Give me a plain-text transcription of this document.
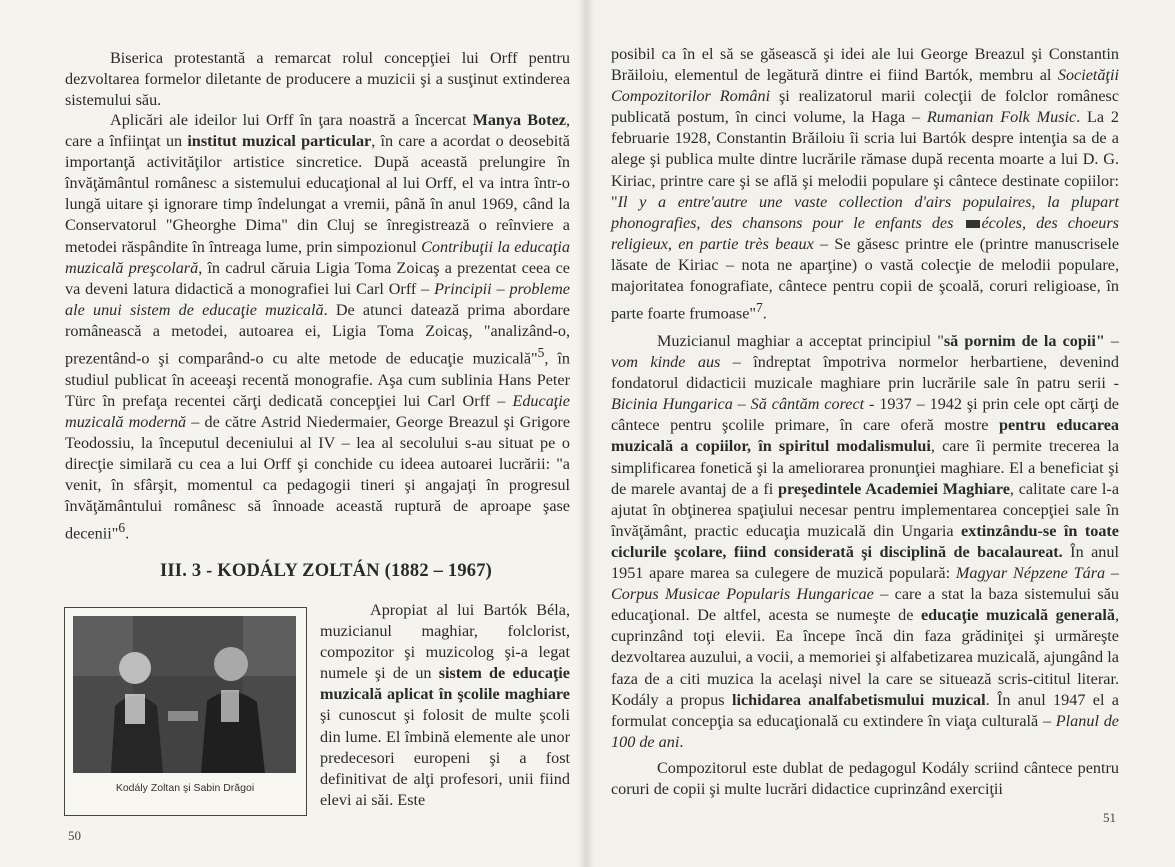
Biserica protestantă a remarcat rolul concepţiei lui Orff pentru dezvoltarea formelor diletante de producere a muzicii şi a susţinut extinderea sistemului său.

Aplicări ale ideilor lui Orff în ţara noastră a încercat Manya Botez, care a înfiinţat un institut muzical particular, în care a acordat o deosebită importanţă activităţilor artistice sincretice. După această prelungire în învăţământul românesc a sistemului educaţional al lui Orff, el va intra într-o lungă uitare şi ignorare timp îndelungat a vremii, până în anul 1969, când la Conservatorul "Gheorghe Dima" din Cluj se înregistrează o reînviere a metodei răspândite în întreaga lume, prin simpozionul Contribuţii la educaţia muzicală preşcolară, în cadrul căruia Ligia Toma Zoicaş a prezentat ceea ce va deveni latura didactică a monografiei lui Carl Orff – Principii – probleme ale unui sistem de educaţie muzicală. De atunci datează prima abordare românească a metodei, autoarea ei, Ligia Toma Zoicaş, "analizând-o, prezentând-o şi comparând-o cu alte metode de educaţie muzicală"$^5$, în studiul publicat în aceeaşi recentă monografie. Aşa cum sublinia Hans Peter Türc în prefaţa recentei cărţi dedicată concepţiei lui Carl Orff – Educaţie muzicală modernă – de către Astrid Niedermaier, George Breazul şi Grigore Teodossiu, la începutul deceniului al IV – lea al secolului s-au situat pe o direcţie similară cu cea a lui Orff şi conchide cu ideea autoarei lucrării: "a venit, în sfârşit, momentul ca pedagogii tineri şi angajaţi în progresul învăţământului românesc să înnoade această ruptură de aproape şase decenii"$^6$.

III. 3 - KODÁLY ZOLTÁN (1882 – 1967)
Kodály Zoltan şi Sabin Drăgoi

Apropiat al lui Bartók Béla, muzicianul maghiar, folclorist, compozitor şi muzicolog şi-a legat numele şi de un sistem de educaţie muzicală aplicat în şcolile maghiare şi cunoscut şi folosit de multe şcoli din lume. El îmbină elemente ale unor predecesori europeni şi a fost definitivat de alţi profesori, unii fiind elevi ai săi. Este

50

posibil ca în el să se găsească şi idei ale lui George Breazul şi Constantin Brăiloiu, elementul de legătură dintre ei fiind Bartók, membru al Societăţii Compozitorilor Români şi realizatorul marii colecţii de folclor românesc publicată postum, în cinci volume, la Haga – Rumanian Folk Music. La 2 februarie 1928, Constantin Brăiloiu îi scria lui Bartók despre intenţia sa de a alege şi publica multe dintre lucrările rămase după recenta moarte a lui D. G. Kiriac, printre care şi se află şi melodii populare şi cântece destinate copiilor: "Il y a entre'autre une vaste collection d'airs populaires, la plupart phonografies, des chansons pour le enfants des écoles, des choeurs religieux, en partie très beaux – Se găsesc printre ele (printre manuscrisele lăsate de Kiriac – nota ne aparţine) o vastă colecţie de melodii populare, majoritatea fonografiate, cântece pentru copii de şcoală, coruri religioase, în parte foarte frumoase"$^7$.

Muzicianul maghiar a acceptat principiul "să pornim de la copii" – vom kinde aus – îndreptat împotriva normelor herbartiene, devenind fondatorul didacticii muzicale maghiare prin lucrările sale în patru serii - Bicinia Hungarica – Să cântăm corect - 1937 – 1942 şi prin cele opt cărţi de cântece pentru şcolile primare, în care oferă mostre pentru educarea muzicală a copiilor, în spiritul modalismului, care îi permite trecerea la simplificarea fonetică şi la ameliorarea pronunţiei maghiare. El a beneficiat şi de marele avantaj de a fi preşedintele Academiei Maghiare, calitate care l-a ajutat în obţinerea spaţiului necesar pentru implementarea concepţiei sale în învăţământ, practic educaţia muzicală din Ungaria extinzându-se în toate ciclurile şcolare, fiind considerată şi disciplină de bacalaureat. În anul 1951 apare marea sa culegere de muzică populară: Magyar Népzene Tára – Corpus Musicae Popularis Hungaricae – care a stat la baza sistemului său educaţional. De altfel, acesta se numeşte de educaţie muzicală generală, cuprinzând toţi elevii. Ea începe încă din faza grădiniţei şi urmăreşte dezvoltarea auzului, a vocii, a memoriei şi alfabetizarea muzicală, ajungând la faza de a citi muzica la acelaşi nivel la care se situează scris-cititul literar. Kodály a propus lichidarea analfabetismului muzical. În anul 1947 el a formulat concepţia sa educaţională cu extindere în viaţa culturală – Planul de 100 de ani.

Compozitorul este dublat de pedagogul Kodály scriind cântece pentru coruri de copii şi multe lucrări didactice cuprinzând exerciţii

51
